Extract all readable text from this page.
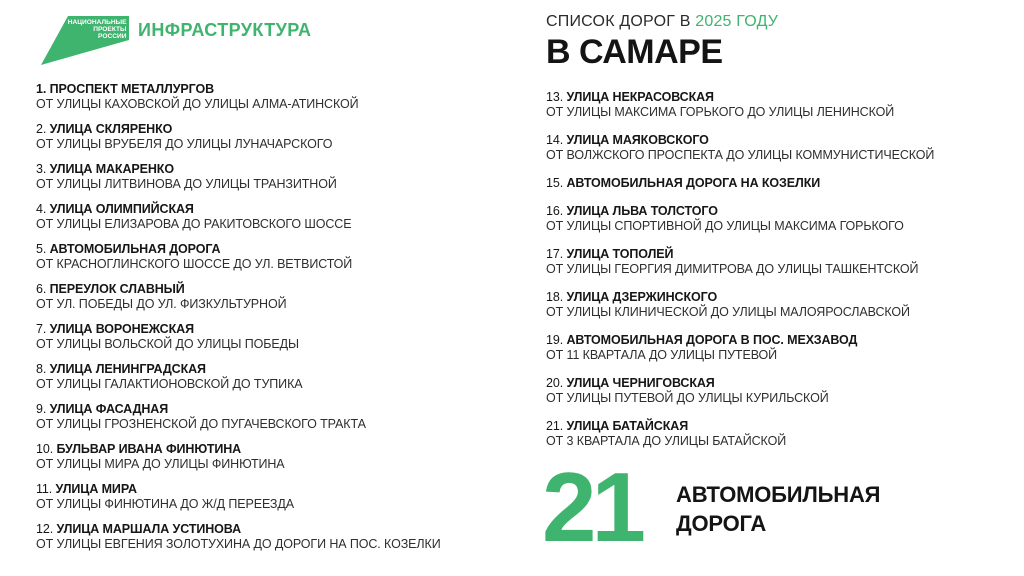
НАЦИОНАЛЬНЫЕ
ПРОЕКТЫ
РОССИИ ИНФРАСТРУКТУРА	СПИСОК ДОРОГ В 2025 ГОДУ
В САМАРЕ
1. ПРОСПЕКТ МЕТАЛЛУРГОВ
ОТ УЛИЦЫ КАХОВСКОЙ ДО УЛИЦЫ АЛМА-АТИНСКОЙ
2. УЛИЦА СКЛЯРЕНКО
ОТ УЛИЦЫ ВРУБЕЛЯ ДО УЛИЦЫ ЛУНАЧАРСКОГО
3. УЛИЦА МАКАРЕНКО
ОТ УЛИЦЫ ЛИТВИНОВА ДО УЛИЦЫ ТРАНЗИТНОЙ
4. УЛИЦА ОЛИМПИЙСКАЯ
ОТ УЛИЦЫ ЕЛИЗАРОВА ДО РАКИТОВСКОГО ШОССЕ
5. АВТОМОБИЛЬНАЯ ДОРОГА
ОТ КРАСНОГЛИНСКОГО ШОССЕ ДО УЛ. ВЕТВИСТОЙ
6. ПЕРЕУЛОК СЛАВНЫЙ
ОТ УЛ. ПОБЕДЫ ДО УЛ. ФИЗКУЛЬТУРНОЙ
7. УЛИЦА ВОРОНЕЖСКАЯ
ОТ УЛИЦЫ ВОЛЬСКОЙ ДО УЛИЦЫ ПОБЕДЫ
8. УЛИЦА ЛЕНИНГРАДСКАЯ
ОТ УЛИЦЫ ГАЛАКТИОНОВСКОЙ ДО ТУПИКА
9. УЛИЦА ФАСАДНАЯ
ОТ УЛИЦЫ ГРОЗНЕНСКОЙ ДО ПУГАЧЕВСКОГО ТРАКТА
10. БУЛЬВАР ИВАНА ФИНЮТИНА
ОТ УЛИЦЫ МИРА ДО УЛИЦЫ ФИНЮТИНА
11. УЛИЦА МИРА
ОТ УЛИЦЫ ФИНЮТИНА ДО Ж/Д ПЕРЕЕЗДА
12. УЛИЦА МАРШАЛА УСТИНОВА
ОТ УЛИЦЫ ЕВГЕНИЯ ЗОЛОТУХИНА ДО ДОРОГИ НА ПОС. КОЗЕЛКИ
13. УЛИЦА НЕКРАСОВСКАЯ
ОТ УЛИЦЫ МАКСИМА ГОРЬКОГО ДО УЛИЦЫ ЛЕНИНСКОЙ
14. УЛИЦА МАЯКОВСКОГО
ОТ ВОЛЖСКОГО ПРОСПЕКТА ДО УЛИЦЫ КОММУНИСТИЧЕСКОЙ
15. АВТОМОБИЛЬНАЯ ДОРОГА НА КОЗЕЛКИ
16. УЛИЦА ЛЬВА ТОЛСТОГО
ОТ УЛИЦЫ СПОРТИВНОЙ ДО УЛИЦЫ МАКСИМА ГОРЬКОГО
17. УЛИЦА ТОПОЛЕЙ
ОТ УЛИЦЫ ГЕОРГИЯ ДИМИТРОВА ДО УЛИЦЫ ТАШКЕНТСКОЙ
18. УЛИЦА ДЗЕРЖИНСКОГО
ОТ УЛИЦЫ КЛИНИЧЕСКОЙ ДО УЛИЦЫ МАЛОЯРОСЛАВСКОЙ
19. АВТОМОБИЛЬНАЯ ДОРОГА В ПОС. МЕХЗАВОД
ОТ 11 КВАРТАЛА ДО УЛИЦЫ ПУТЕВОЙ
20. УЛИЦА ЧЕРНИГОВСКАЯ
ОТ УЛИЦЫ ПУТЕВОЙ ДО УЛИЦЫ КУРИЛЬСКОЙ
21. УЛИЦА БАТАЙСКАЯ
ОТ 3 КВАРТАЛА ДО УЛИЦЫ БАТАЙСКОЙ
21 АВТОМОБИЛЬНАЯ ДОРОГА
